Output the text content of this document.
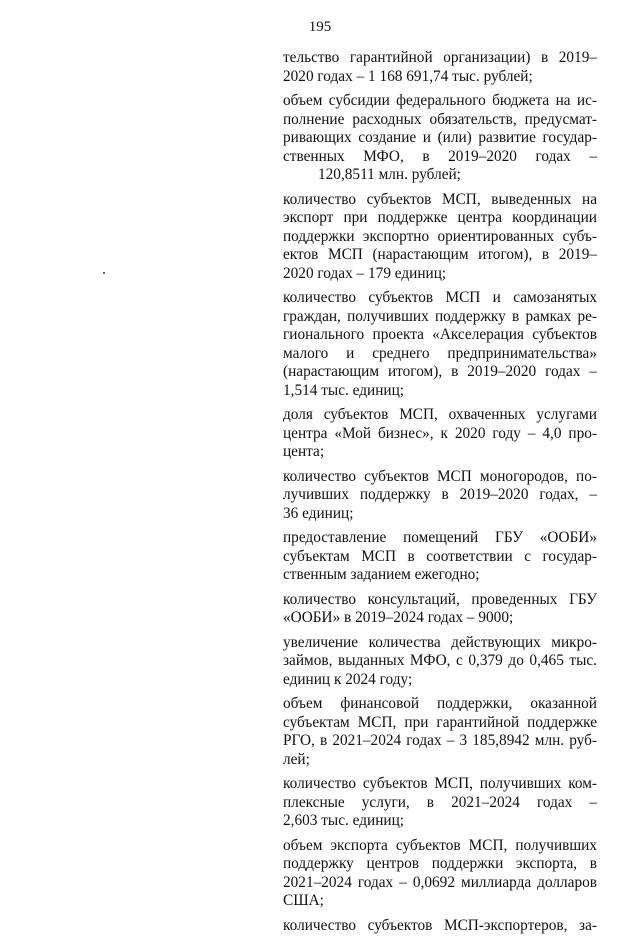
195
тельство гарантийной организации) в 2019–
2020 годах – 1 168 691,74 тыс. рублей;
объем субсидии федерального бюджета на ис-
полнение расходных обязательств, предусмат-
ривающих создание и (или) развитие государ-
ственных МФО, в 2019–2020 годах –
120,8511 млн. рублей;
количество субъектов МСП, выведенных на
экспорт при поддержке центра координации
поддержки экспортно ориентированных субъ-
ектов МСП (нарастающим итогом), в 2019–
2020 годах – 179 единиц;
количество субъектов МСП и самозанятых
граждан, получивших поддержку в рамках ре-
гионального проекта «Акселерация субъектов
малого и среднего предпринимательства»
(нарастающим итогом), в 2019–2020 годах –
1,514 тыс. единиц;
доля субъектов МСП, охваченных услугами
центра «Мой бизнес», к 2020 году – 4,0 про-
цента;
количество субъектов МСП моногородов, по-
лучивших поддержку в 2019–2020 годах, –
36 единиц;
предоставление помещений ГБУ «ООБИ»
субъектам МСП в соответствии с государ-
ственным заданием ежегодно;
количество консультаций, проведенных ГБУ
«ООБИ» в 2019–2024 годах – 9000;
увеличение количества действующих микро-
займов, выданных МФО, с 0,379 до 0,465 тыс.
единиц к 2024 году;
объем финансовой поддержки, оказанной
субъектам МСП, при гарантийной поддержке
РГО, в 2021–2024 годах – 3 185,8942 млн. руб-
лей;
количество субъектов МСП, получивших ком-
плексные услуги, в 2021–2024 годах –
2,603 тыс. единиц;
объем экспорта субъектов МСП, получивших
поддержку центров поддержки экспорта, в
2021–2024 годах – 0,0692 миллиарда долларов
США;
количество субъектов МСП-экспортеров, за-
